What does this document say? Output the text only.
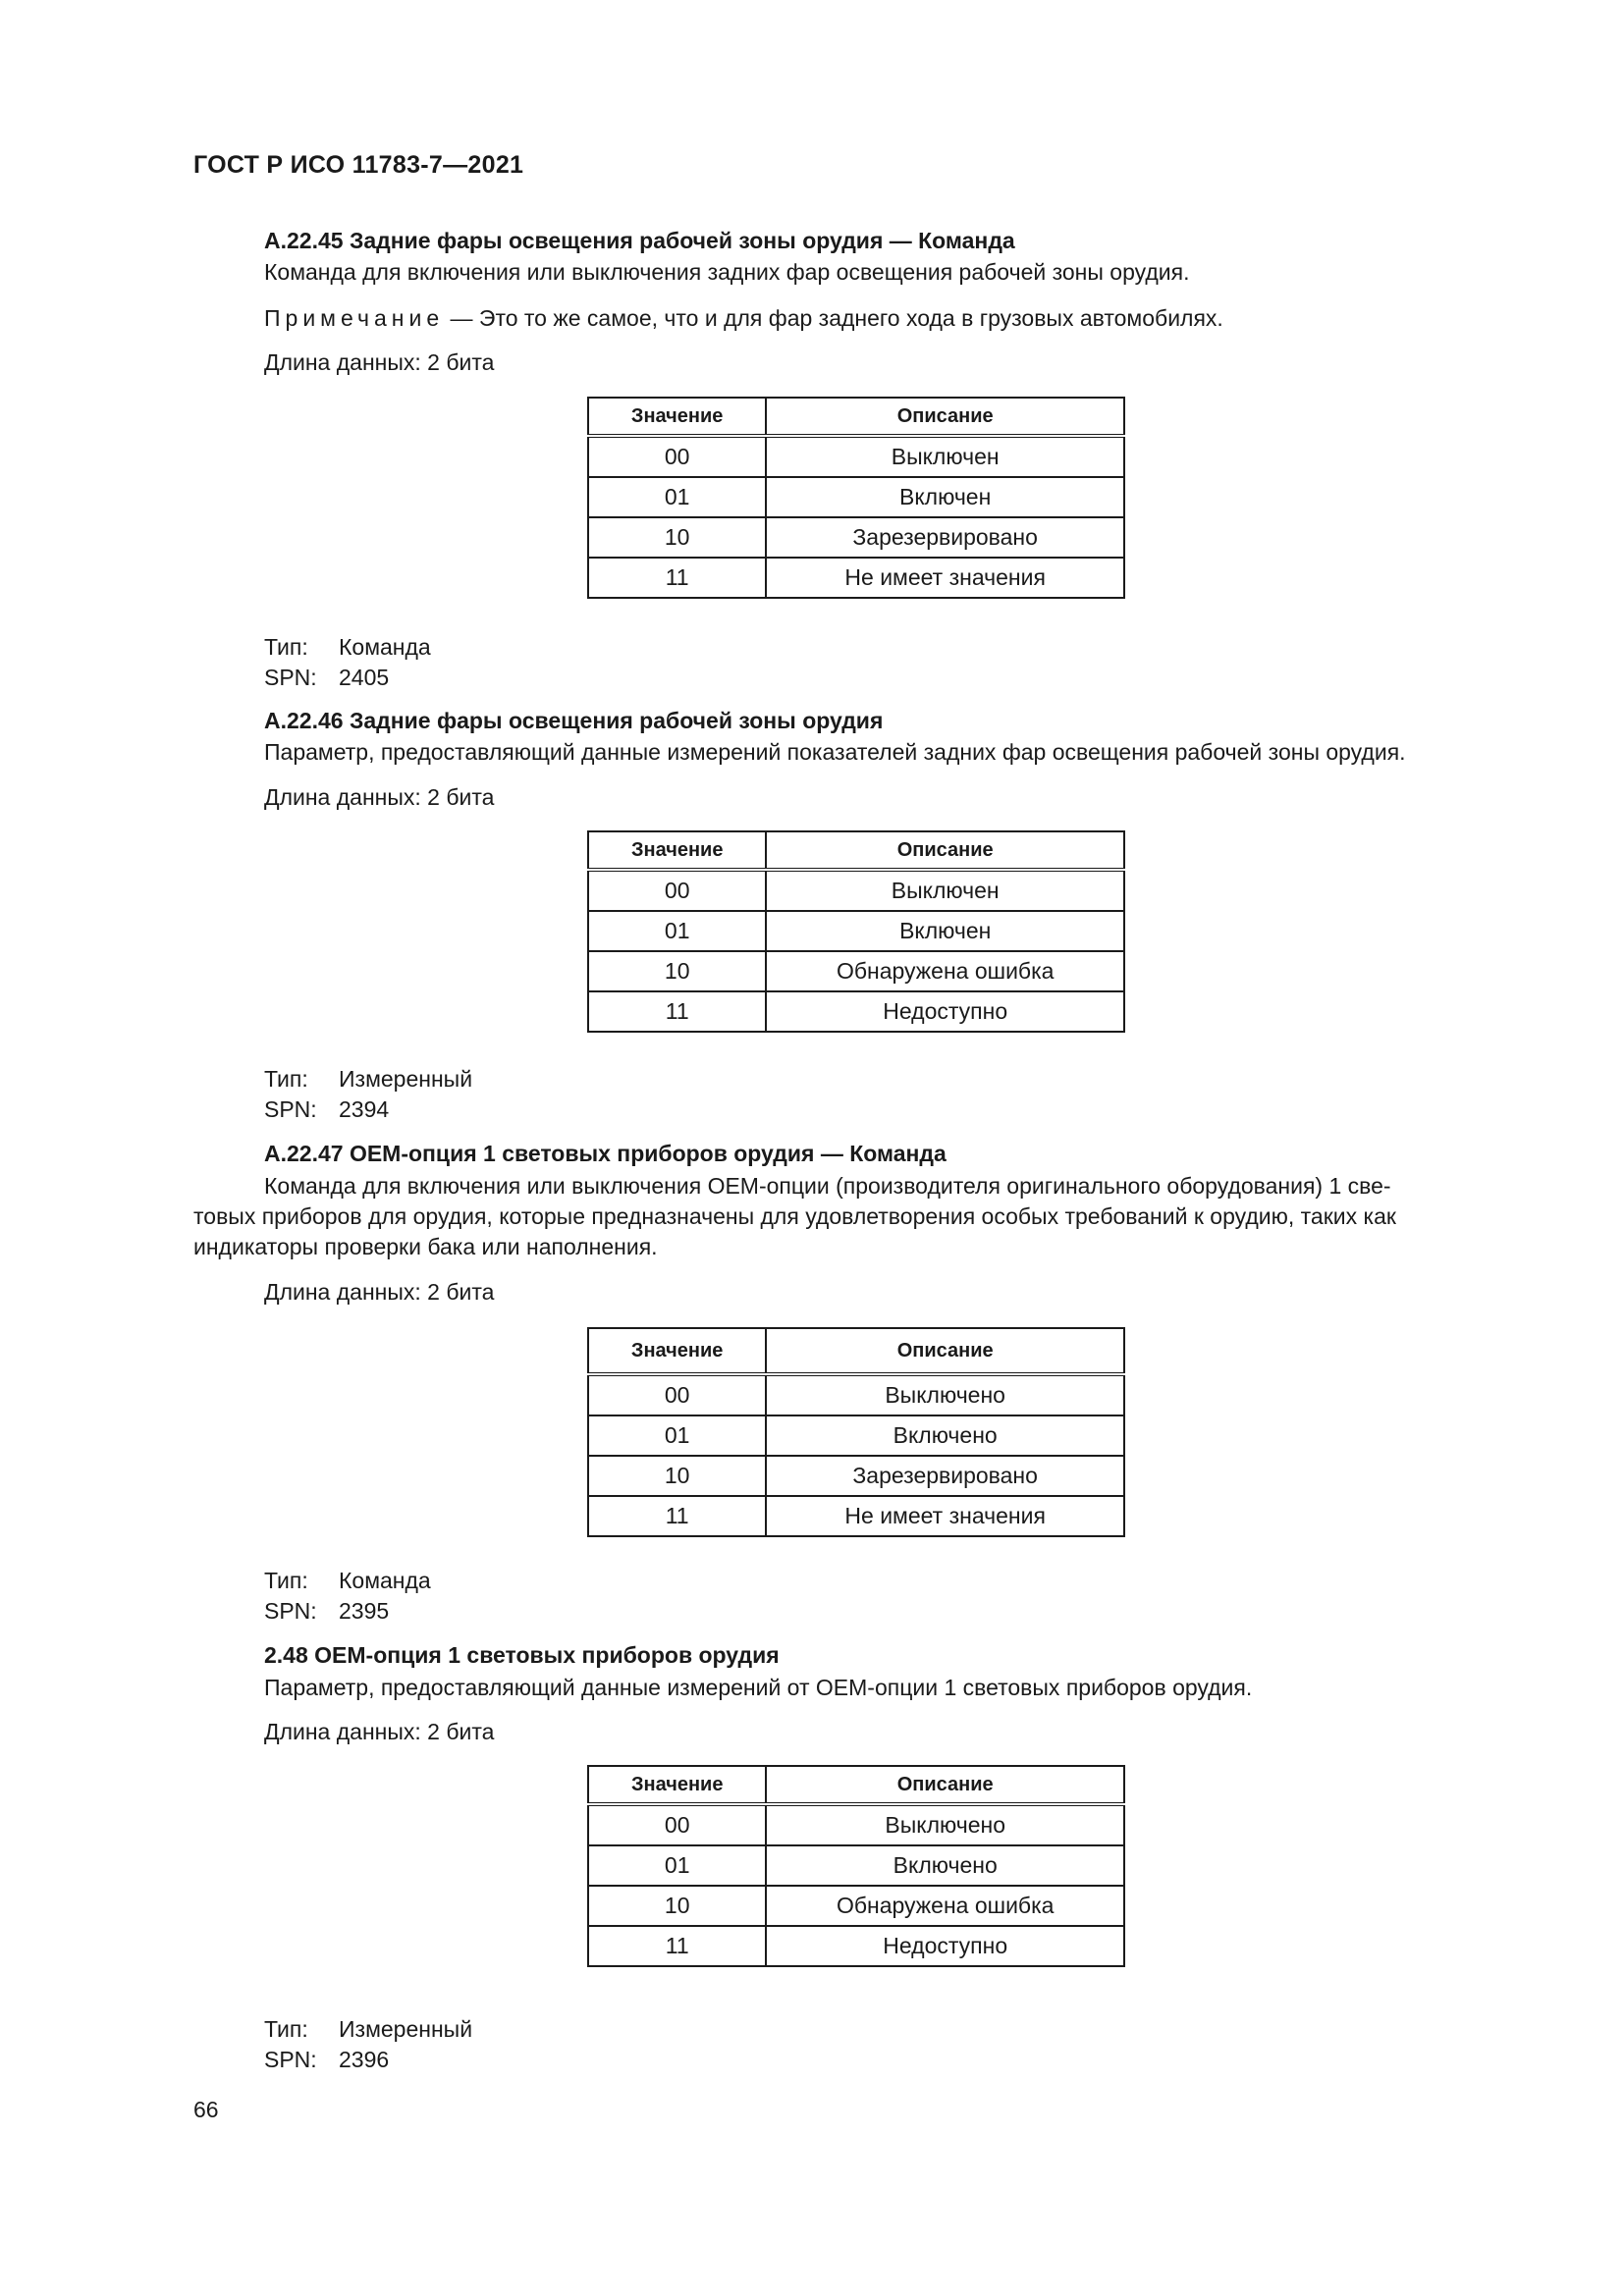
ГОСТ Р ИСО 11783-7—2021
А.22.45 Задние фары освещения рабочей зоны орудия — Команда
Команда для включения или выключения задних фар освещения рабочей зоны орудия.
Примечание — Это то же самое, что и для фар заднего хода в грузовых автомобилях.
Длина данных: 2 бита
Значение	Описание
00	Выключен
01	Включен
10	Зарезервировано
11	Не имеет значения
Тип: Команда
SPN: 2405
А.22.46 Задние фары освещения рабочей зоны орудия
Параметр, предоставляющий данные измерений показателей задних фар освещения рабочей зоны орудия.
Длина данных: 2 бита
Значение	Описание
00	Выключен
01	Включен
10	Обнаружена ошибка
11	Недоступно
Тип: Измеренный
SPN: 2394
А.22.47 ОЕМ-опция 1 световых приборов орудия — Команда
Команда для включения или выключения ОЕМ-опции (производителя оригинального оборудования) 1 све-
товых приборов для орудия, которые предназначены для удовлетворения особых требований к орудию, таких как
индикаторы проверки бака или наполнения.
Длина данных: 2 бита
Значение	Описание
00	Выключено
01	Включено
10	Зарезервировано
11	Не имеет значения
Тип: Команда
SPN: 2395
2.48 ОЕМ-опция 1 световых приборов орудия
Параметр, предоставляющий данные измерений от ОЕМ-опции 1 световых приборов орудия.
Длина данных: 2 бита
Значение	Описание
00	Выключено
01	Включено
10	Обнаружена ошибка
11	Недоступно
Тип: Измеренный
SPN: 2396
66
